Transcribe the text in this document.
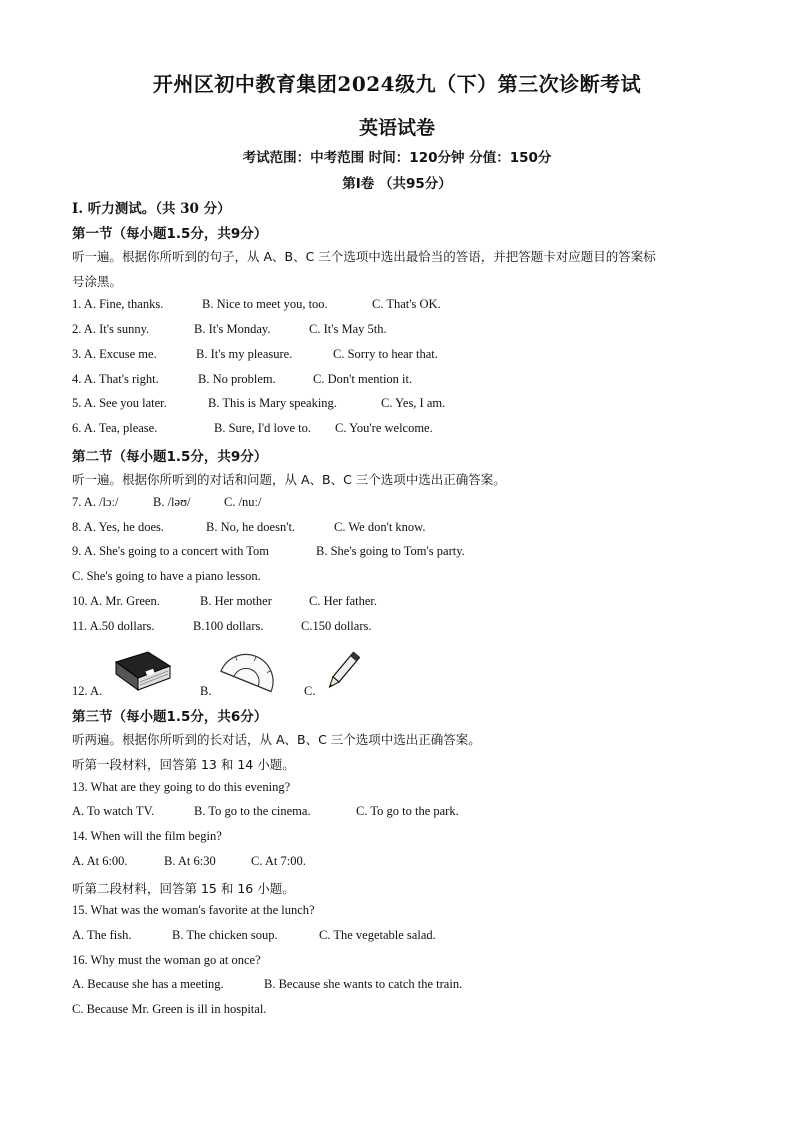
开州区初中教育集团2024级九（下）第三次诊断考试
英语试卷
考试范围：中考范围 时间：120分钟 分值：150分
第Ⅰ卷 （共95分）
I. 听力测试。（共 30 分）
第一节（每小题1.5分，共9分）
听一遍。根据你所听到的句子，从 A、B、C 三个选项中选出最恰当的答语，并把答题卡对应题目的答案标
号涂黑。
1. A. Fine, thanks.	B. Nice to meet you, too.	C. That's OK.
2. A. It's sunny.	B. It's Monday.	C. It's May 5th.
3. A. Excuse me.	B. It's my pleasure.	C. Sorry to hear that.
4. A. That's right.	B. No problem.	C. Don't mention it.
5. A. See you later.	B. This is Mary speaking.	C. Yes, I am.
6. A. Tea, please.	B. Sure, I'd love to. C. You're welcome.
第二节（每小题1.5分，共9分）
听一遍。根据你所听到的对话和问题，从 A、B、C 三个选项中选出正确答案。
7. A. /lɔː/	B. /ləʊ/	C. /nuː/
8. A. Yes, he does.	B. No, he doesn't.	C. We don't know.
9. A. She's going to a concert with Tom	B. She's going to Tom's party.
C. She's going to have a piano lesson.
10. A. Mr. Green.	B. Her mother	C. Her father.
11. A.50 dollars.	B.100 dollars.	C.150 dollars.
12. A.	B.	C.
第三节（每小题1.5分，共6分）
听两遍。根据你所听到的长对话，从 A、B、C 三个选项中选出正确答案。
听第一段材料，回答第 13 和 14 小题。
13. What are they going to do this evening?
A. To watch TV.	B. To go to the cinema.	C. To go to the park.
14. When will the film begin?
A. At 6:00.	B. At 6:30	C. At 7:00.
听第二段材料，回答第 15 和 16 小题。
15. What was the woman's favorite at the lunch?
A. The fish.	B. The chicken soup.	C. The vegetable salad.
16. Why must the woman go at once?
A. Because she has a meeting.	B. Because she wants to catch the train.
C. Because Mr. Green is ill in hospital.
